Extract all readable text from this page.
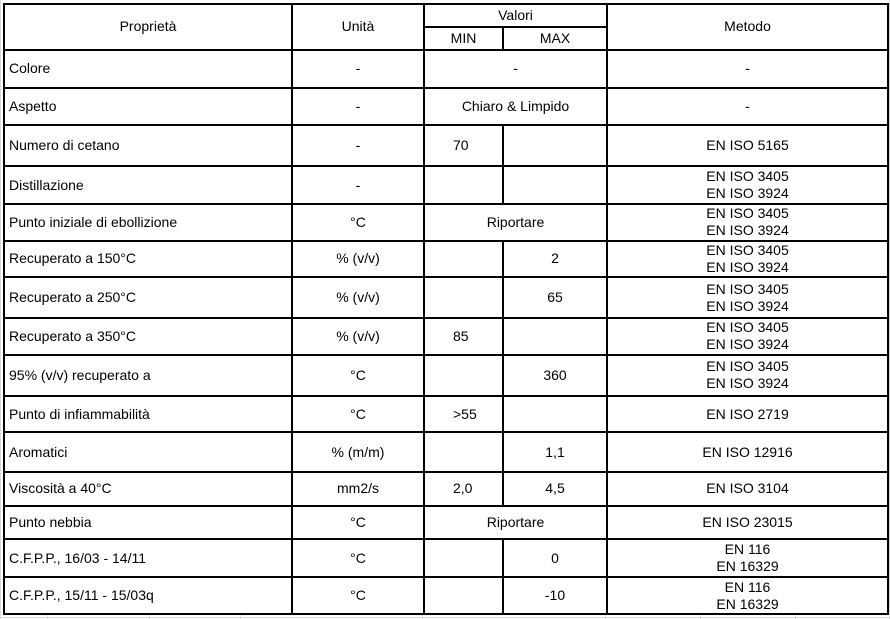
Proprietà	Unità	Valori		Metodo
		MIN	MAX	
Colore	-	-		-

Aspetto	-	Chiaro & Limpido		-

Numero di cetano	-	70		EN ISO 5165

Distillazione	-			EN ISO 3405
EN ISO 3924

Punto iniziale di ebollizione	°C	Riportare		EN ISO 3405
EN ISO 3924

Recuperato a 150°C	% (v/v)		2	EN ISO 3405
EN ISO 3924

Recuperato a 250°C	% (v/v)		65	EN ISO 3405
EN ISO 3924

Recuperato a 350°C	% (v/v)	85		EN ISO 3405
EN ISO 3924

95% (v/v) recuperato a	°C		360	EN ISO 3405
EN ISO 3924

Punto di infiammabilità	°C	>55		EN ISO 2719

Aromatici	% (m/m)		1,1	EN ISO 12916

Viscosità a 40°C	mm2/s	2,0	4,5	EN ISO 3104

Punto nebbia	°C	Riportare		EN ISO 23015

C.F.P.P., 16/03 - 14/11	°C		0	EN 116
EN 16329

C.F.P.P., 15/11 - 15/03q	°C		-10	EN 116
EN 16329
